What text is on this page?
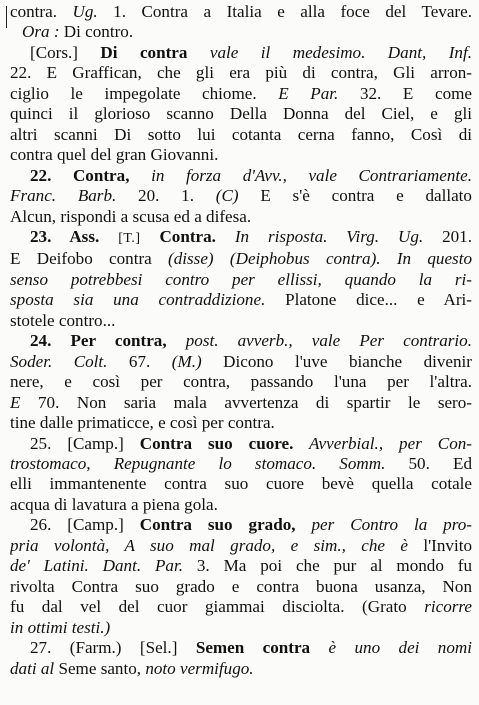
contra. Ug. 1. Contra a Italia e alla foce del Tevare.
Ora : Di contro.
[Cors.] Di contra vale il medesimo. Dant, Inf.
22. E Graffican, che gli era più di contra, Gli arron-
ciglio le impegolate chiome. E Par. 32. E come
quinci il glorioso scanno Della Donna del Ciel, e gli
altri scanni Di sotto lui cotanta cerna fanno, Così di
contra quel del gran Giovanni.
22. Contra, in forza d'Avv., vale Contrariamente.
Franc. Barb. 20. 1. (C) E s'è contra e dallato
Alcun, rispondi a scusa ed a difesa.
23. Ass. [T.] Contra. In risposta. Virg. Ug. 201.
E Deifobo contra (disse) (Deiphobus contra). In questo
senso potrebbesi contro per ellissi, quando la ri-
sposta sia una contraddizione. Platone dice... e Ari-
stotele contro...
24. Per contra, post. avverb., vale Per contrario.
Soder. Colt. 67. (M.) Dicono l'uve bianche divenir
nere, e così per contra, passando l'una per l'altra.
E 70. Non saria mala avvertenza di spartir le sero-
tine dalle primaticce, e così per contra.
25. [Camp.] Contra suo cuore. Avverbial., per Con-
trostomaco, Repugnante lo stomaco. Somm. 50. Ed
elli immantenente contra suo cuore bevè quella cotale
acqua di lavatura a piena gola.
26. [Camp.] Contra suo grado, per Contro la pro-
pria volontà, A suo mal grado, e sim., che è l'Invito
de' Latini. Dant. Par. 3. Ma poi che pur al mondo fu
rivolta Contra suo grado e contra buona usanza, Non
fu dal vel del cuor giammai disciolta. (Grato ricorre
in ottimi testi.)
27. (Farm.) [Sel.] Semen contra è uno dei nomi
dati al Seme santo, noto vermifugo.
